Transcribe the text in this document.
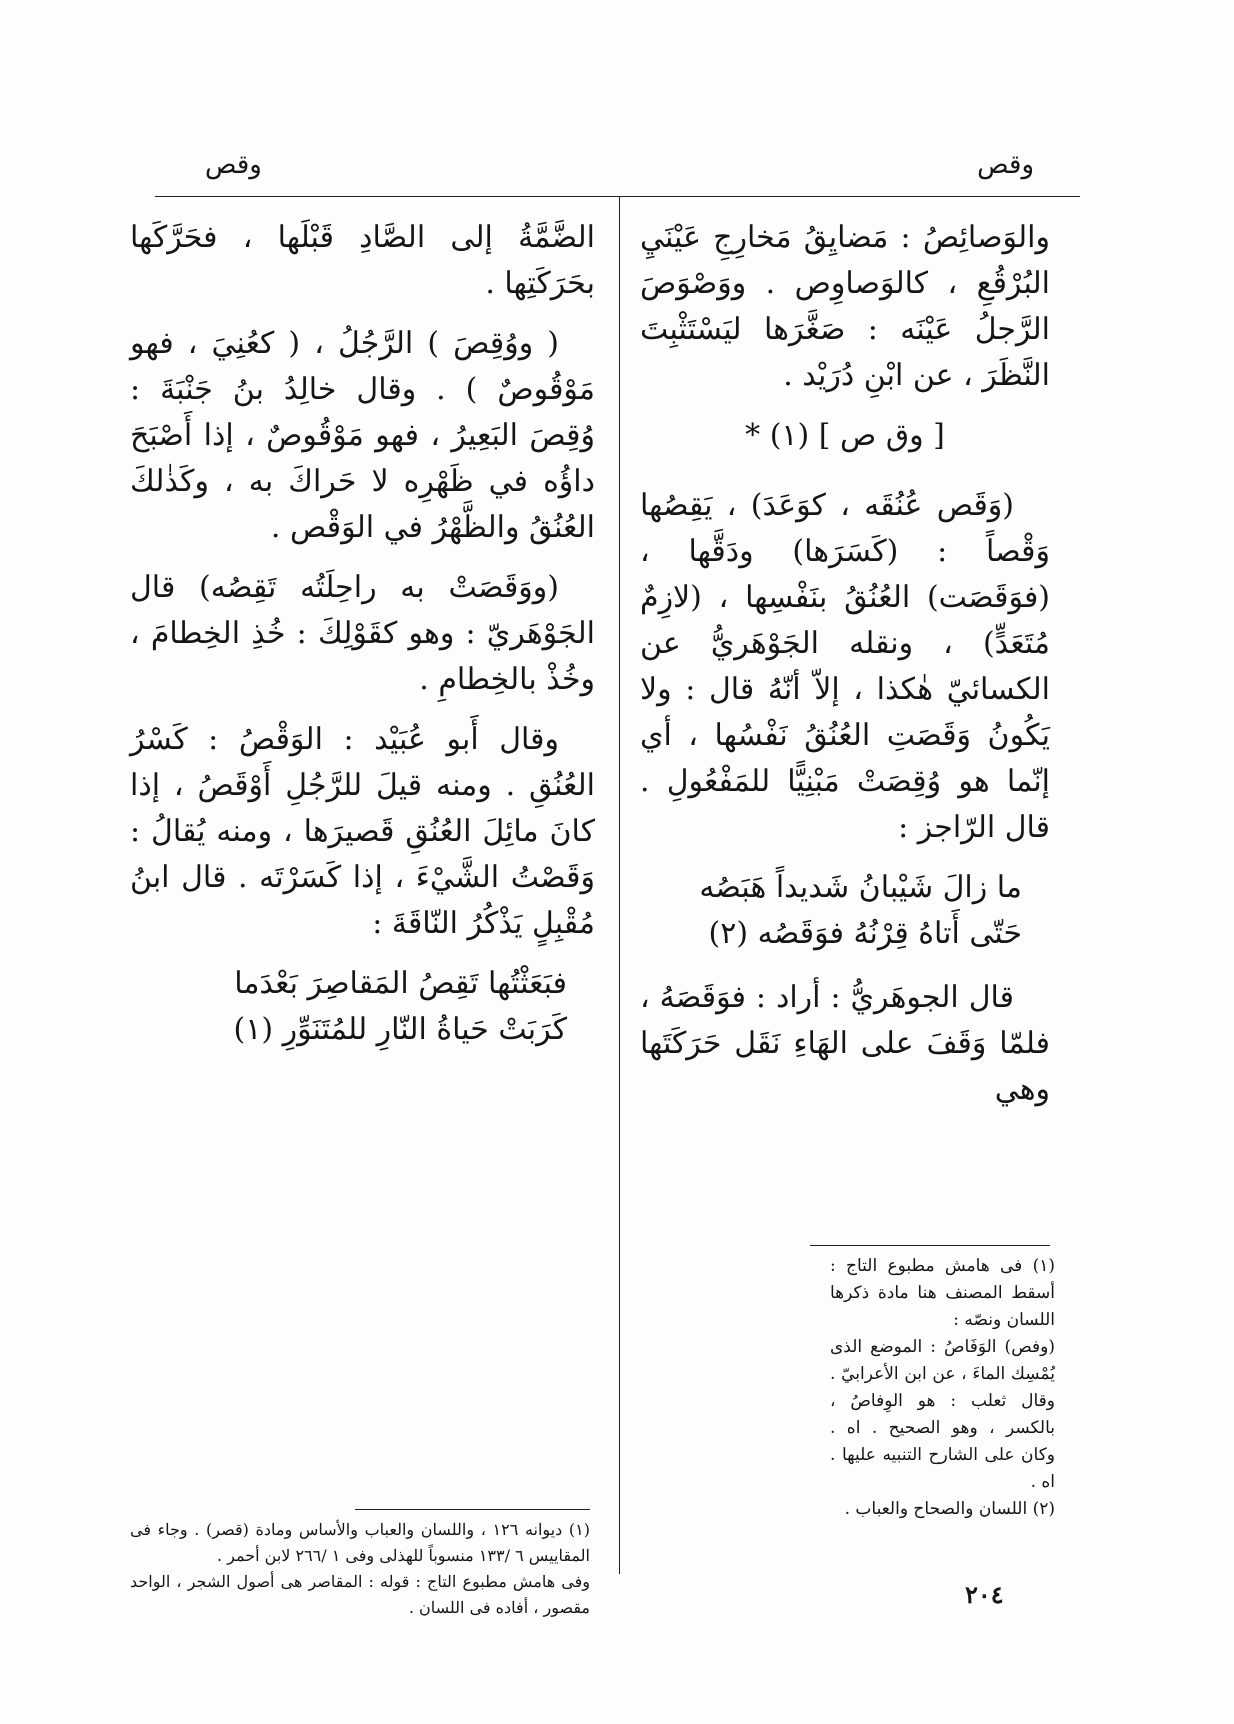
وقص
وقص

والوَصائِصُ : مَضايِقُ مَخارِجِ عَيْنَيِ البُرْقُعِ ، كالوَصاوِص . ووَصْوَصَ الرَّجلُ عَيْنَه : صَغَّرَها ليَسْتَثْبِتَ النَّظَرَ ، عن ابْنِ دُرَيْد .

[ وق ص ] (١) *

(وَقَص عُنُقَه ، كوَعَدَ) ، يَقِصُها وَقْصاً : (كَسَرَها) ودَقَّها ، (فوَقَصَت) العُنُقُ بنَفْسِها ، (لازِمٌ مُتَعَدٍّ) ، ونقله الجَوْهَريُّ عن الكسائيّ هٰكذا ، إلاّ أنّهُ قال : ولا يَكُونُ وَقَصَتِ العُنُقُ نَفْسُها ، أي إنّما هو وُقِصَتْ مَبْنِيًّا للمَفْعُولِ . قال الرّاجز :

ما زالَ شَيْبانُ شَديداً هَبَصُه
حَتّى أَتاهُ قِرْنُهُ فوَقَصُه (٢)

قال الجوهَريُّ : أراد : فوَقَصَهُ ، فلمّا وَقَفَ على الهَاءِ نَقَل حَرَكَتَها وهي

الضَّمَّةُ إلى الصَّادِ قَبْلَها ، فحَرَّكَها بحَرَكَتِها .

( ووُقِصَ ) الرَّجُلُ ، ( كعُنِيَ ، فهو مَوْقُوصٌ ) . وقال خالِدُ بنُ جَنْبَةَ : وُقِصَ البَعِيرُ ، فهو مَوْقُوصٌ ، إذا أَصْبَحَ داؤُه في ظَهْرِه لا حَراكَ به ، وكَذٰلكَ العُنُقُ والظَّهْرُ في الوَقْص .

(ووَقَصَتْ به راحِلَتُه تَقِصُه) قال الجَوْهَريّ : وهو كقَوْلِكَ : خُذِ الخِطامَ ، وخُذْ بالخِطامِ .

وقال أَبو عُبَيْد : الوَقْصُ : كَسْرُ العُنُقِ . ومنه قيلَ للرَّجُلِ أَوْقَصُ ، إذا كانَ مائِلَ العُنُقِ قَصيرَها ، ومنه يُقالُ : وَقَصْتُ الشَّيْءَ ، إذا كَسَرْتَه . قال ابنُ مُقْبِلٍ يَذْكُرُ النّاقَةَ :

فبَعَثْتُها تَقِصُ المَقاصِرَ بَعْدَما
كَرَبَتْ حَياةُ النّارِ للمُتَنَوِّرِ (١)

(١) فى هامش مطبوع التاج : أسقط المصنف هنا مادة ذكرها اللسان ونصّه :

(وفص) الوَفَاصُ : الموضع الذى يُمْسِك الماءَ ، عن ابن الأعرابيّ . وقال ثعلب : هو الوِفاصُ ، بالكسر ، وهو الصحيح . اه . وكان على الشارح التنبيه عليها . اه .

(٢) اللسان والصحاح والعباب .

(١) ديوانه ١٢٦ ، واللسان والعباب والأساس ومادة (قصر) . وجاء فى المقاييس ٦ /١٣٣ منسوباً للهذلى وفى ١ /٢٦٦ لابن أحمر .

وفى هامش مطبوع التاج : قوله : المقاصر هى أصول الشجر ، الواحد مقصور ، أفاده فى اللسان .	٢٠٤
